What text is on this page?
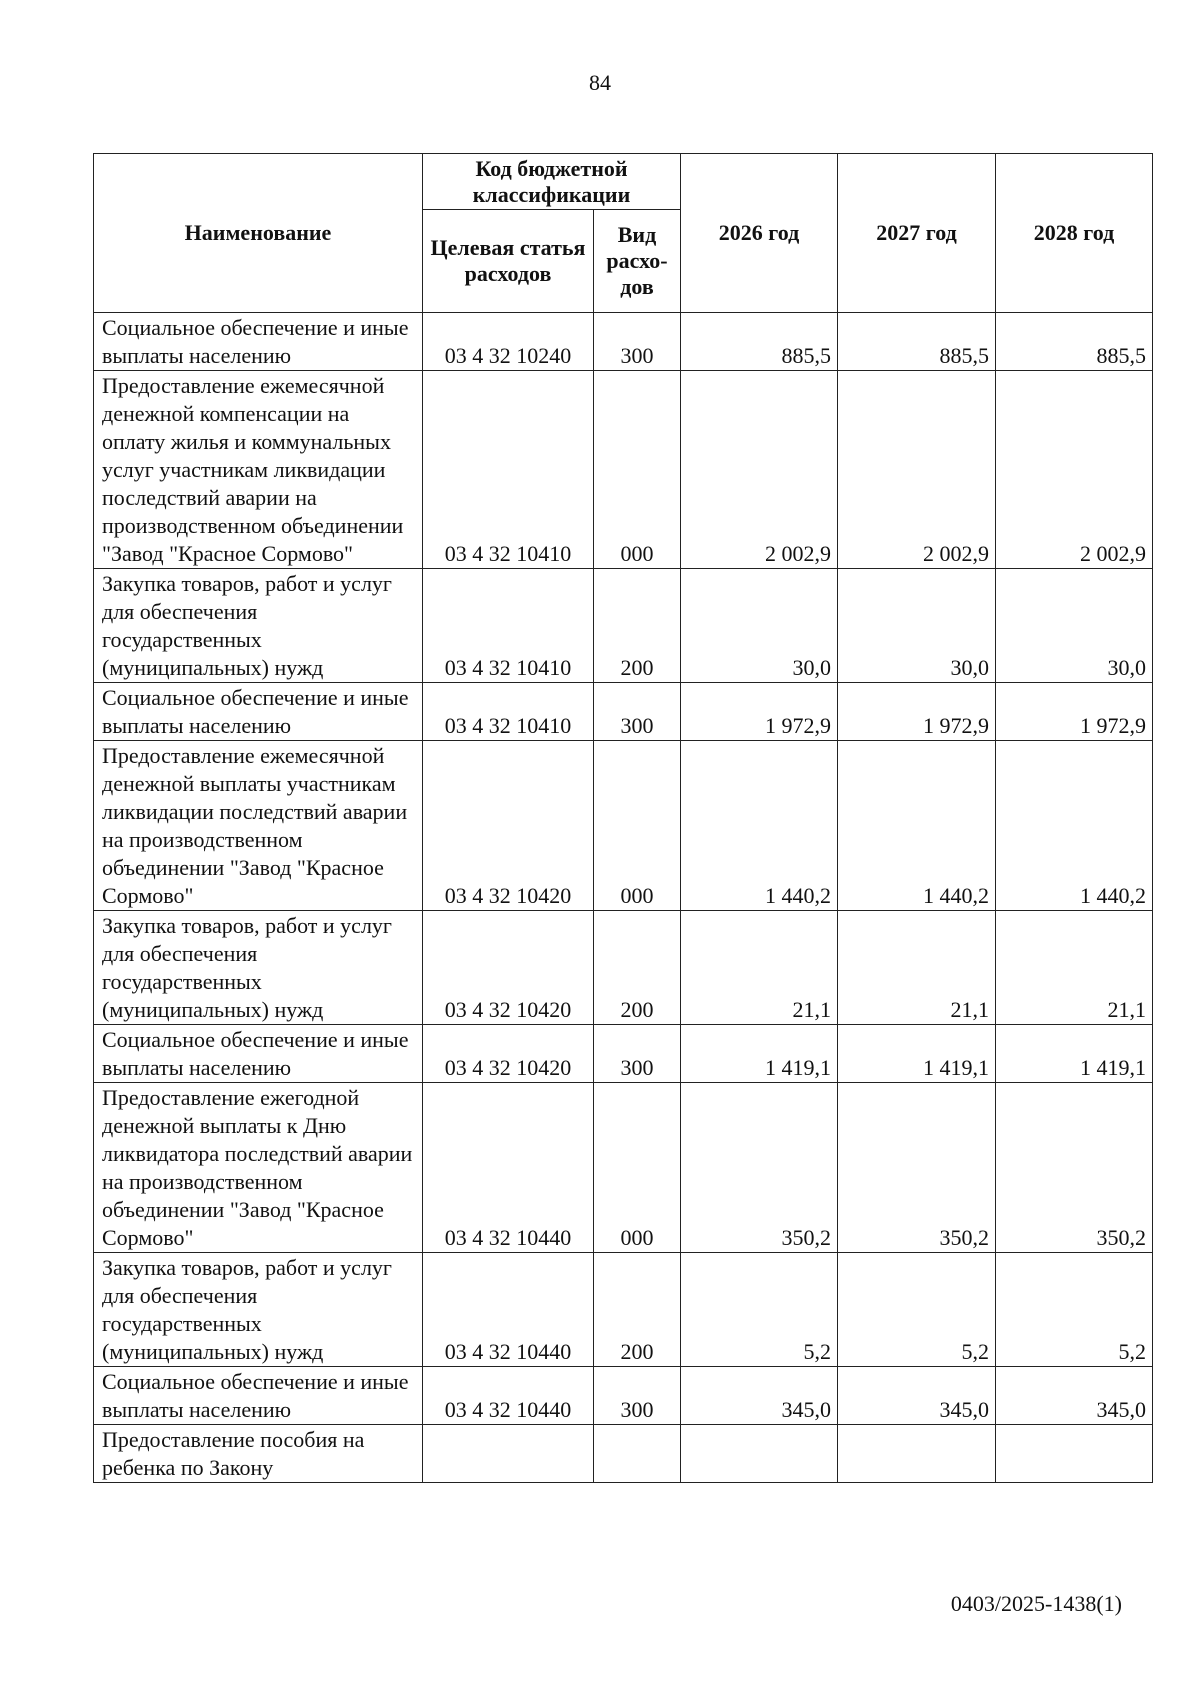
84
Наименование	Код бюджетной классификации		2026 год	2027 год	2028 год
	Целевая статья расходов	Вид расхо-дов			
Социальное обеспечение и иные выплаты населению	03 4 32 10240	300	885,5	885,5	885,5
Предоставление ежемесячной денежной компенсации на оплату жилья и коммунальных услуг участникам ликвидации последствий аварии на производственном объединении "Завод "Красное Сормово"	03 4 32 10410	000	2 002,9	2 002,9	2 002,9
Закупка товаров, работ и услуг для обеспечения государственных (муниципальных) нужд	03 4 32 10410	200	30,0	30,0	30,0
Социальное обеспечение и иные выплаты населению	03 4 32 10410	300	1 972,9	1 972,9	1 972,9
Предоставление ежемесячной денежной выплаты участникам ликвидации последствий аварии на производственном объединении "Завод "Красное Сормово"	03 4 32 10420	000	1 440,2	1 440,2	1 440,2
Закупка товаров, работ и услуг для обеспечения государственных (муниципальных) нужд	03 4 32 10420	200	21,1	21,1	21,1
Социальное обеспечение и иные выплаты населению	03 4 32 10420	300	1 419,1	1 419,1	1 419,1
Предоставление ежегодной денежной выплаты к Дню ликвидатора последствий аварии на производственном объединении "Завод "Красное Сормово"	03 4 32 10440	000	350,2	350,2	350,2
Закупка товаров, работ и услуг для обеспечения государственных (муниципальных) нужд	03 4 32 10440	200	5,2	5,2	5,2
Социальное обеспечение и иные выплаты населению	03 4 32 10440	300	345,0	345,0	345,0
Предоставление пособия на ребенка по Закону					
0403/2025-1438(1)
